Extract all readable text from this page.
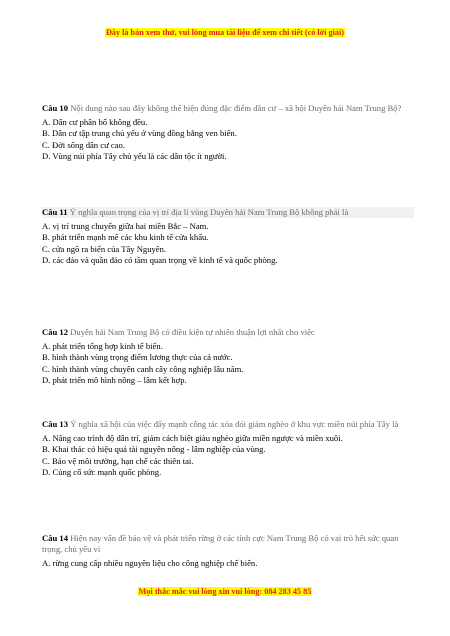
Đây là bản xem thử, vui lòng mua tài liệu để xem chi tiết (có lời giải)
Câu 10 Nội dung nào sau đây không thể hiện đúng đặc điểm dân cư – xã hội Duyên hải Nam Trung Bộ?
A. Dân cư phân bố không đều.
B. Dân cư tập trung chủ yếu ở vùng đồng bằng ven biển.
C. Đời sống dân cư cao.
D. Vùng núi phía Tây chủ yếu là các dân tộc ít người.
Câu 11 Ý nghĩa quan trọng của vị trí địa lí vùng Duyên hải Nam Trung Bộ không phải là
A. vị trí trung chuyển giữa hai miền Bắc – Nam.
B. phát triển mạnh mẽ các khu kinh tế cửa khẩu.
C. cửa ngõ ra biển của Tây Nguyên.
D. các đảo và quần đảo có tầm quan trọng về kinh tế và quốc phòng.
Câu 12 Duyên hải Nam Trung Bộ có điều kiện tự nhiên thuận lợi nhất cho việc
A. phát triển tổng hợp kinh tế biển.
B. hình thành vùng trọng điểm lương thực của cả nước.
C. hình thành vùng chuyên canh cây công nghiệp lâu năm.
D. phát triển mô hình nông – lâm kết hợp.
Câu 13 Ý nghĩa xã hội của việc đẩy mạnh công tác xóa đói giảm nghèo ở khu vực miền núi phía Tây là
A. Nâng cao trình độ dân trí, giảm cách biệt giàu nghèo giữa miền ngược và miền xuôi.
B. Khai thác có hiệu quả tài nguyên nông - lâm nghiệp của vùng.
C. Bảo vệ môi trường, hạn chế các thiên tai.
D. Củng cố sức mạnh quốc phòng.
Câu 14 Hiện nay vấn đề bảo vệ và phát triển rừng ở các tỉnh cực Nam Trung Bộ có vai trò hết sức quan trọng, chủ yếu vì
A. rừng cung cấp nhiều nguyên liệu cho công nghiệp chế biến.
Mọi thắc mắc vui lòng xin vui lòng: 084 283 45 85
